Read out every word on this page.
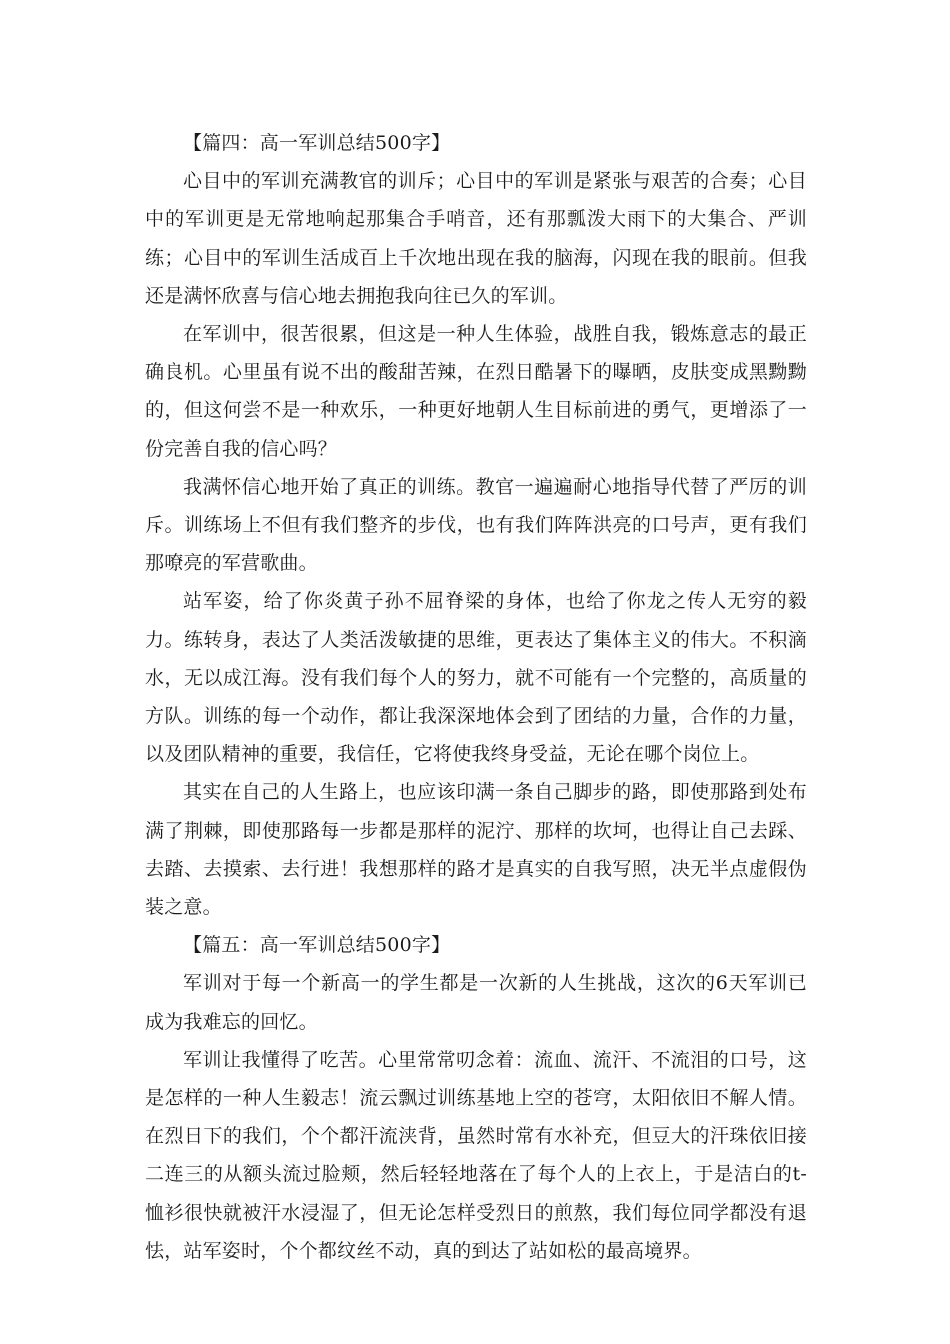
【篇四：高一军训总结500字】

心目中的军训充满教官的训斥；心目中的军训是紧张与艰苦的合奏；心目中的军训更是无常地响起那集合手哨音，还有那瓢泼大雨下的大集合、严训练；心目中的军训生活成百上千次地出现在我的脑海，闪现在我的眼前。但我还是满怀欣喜与信心地去拥抱我向往已久的军训。

在军训中，很苦很累，但这是一种人生体验，战胜自我，锻炼意志的最正确良机。心里虽有说不出的酸甜苦辣，在烈日酷暑下的曝晒，皮肤变成黑黝黝的，但这何尝不是一种欢乐，一种更好地朝人生目标前进的勇气，更增添了一份完善自我的信心吗？

我满怀信心地开始了真正的训练。教官一遍遍耐心地指导代替了严厉的训斥。训练场上不但有我们整齐的步伐，也有我们阵阵洪亮的口号声，更有我们那嘹亮的军营歌曲。

站军姿，给了你炎黄子孙不屈脊梁的身体，也给了你龙之传人无穷的毅力。练转身，表达了人类活泼敏捷的思维，更表达了集体主义的伟大。不积滴水，无以成江海。没有我们每个人的努力，就不可能有一个完整的，高质量的方队。训练的每一个动作，都让我深深地体会到了团结的力量，合作的力量，以及团队精神的重要，我信任，它将使我终身受益，无论在哪个岗位上。

其实在自己的人生路上，也应该印满一条自己脚步的路，即使那路到处布满了荆棘，即使那路每一步都是那样的泥泞、那样的坎坷，也得让自己去踩、去踏、去摸索、去行进！我想那样的路才是真实的自我写照，决无半点虚假伪装之意。

【篇五：高一军训总结500字】

军训对于每一个新高一的学生都是一次新的人生挑战，这次的6天军训已成为我难忘的回忆。

军训让我懂得了吃苦。心里常常叨念着：流血、流汗、不流泪的口号，这是怎样的一种人生毅志！流云飘过训练基地上空的苍穹，太阳依旧不解人情。在烈日下的我们，个个都汗流浃背，虽然时常有水补充，但豆大的汗珠依旧接二连三的从额头流过脸颊，然后轻轻地落在了每个人的上衣上，于是洁白的t-恤衫很快就被汗水浸湿了，但无论怎样受烈日的煎熬，我们每位同学都没有退怯，站军姿时，个个都纹丝不动，真的到达了站如松的最高境界。
